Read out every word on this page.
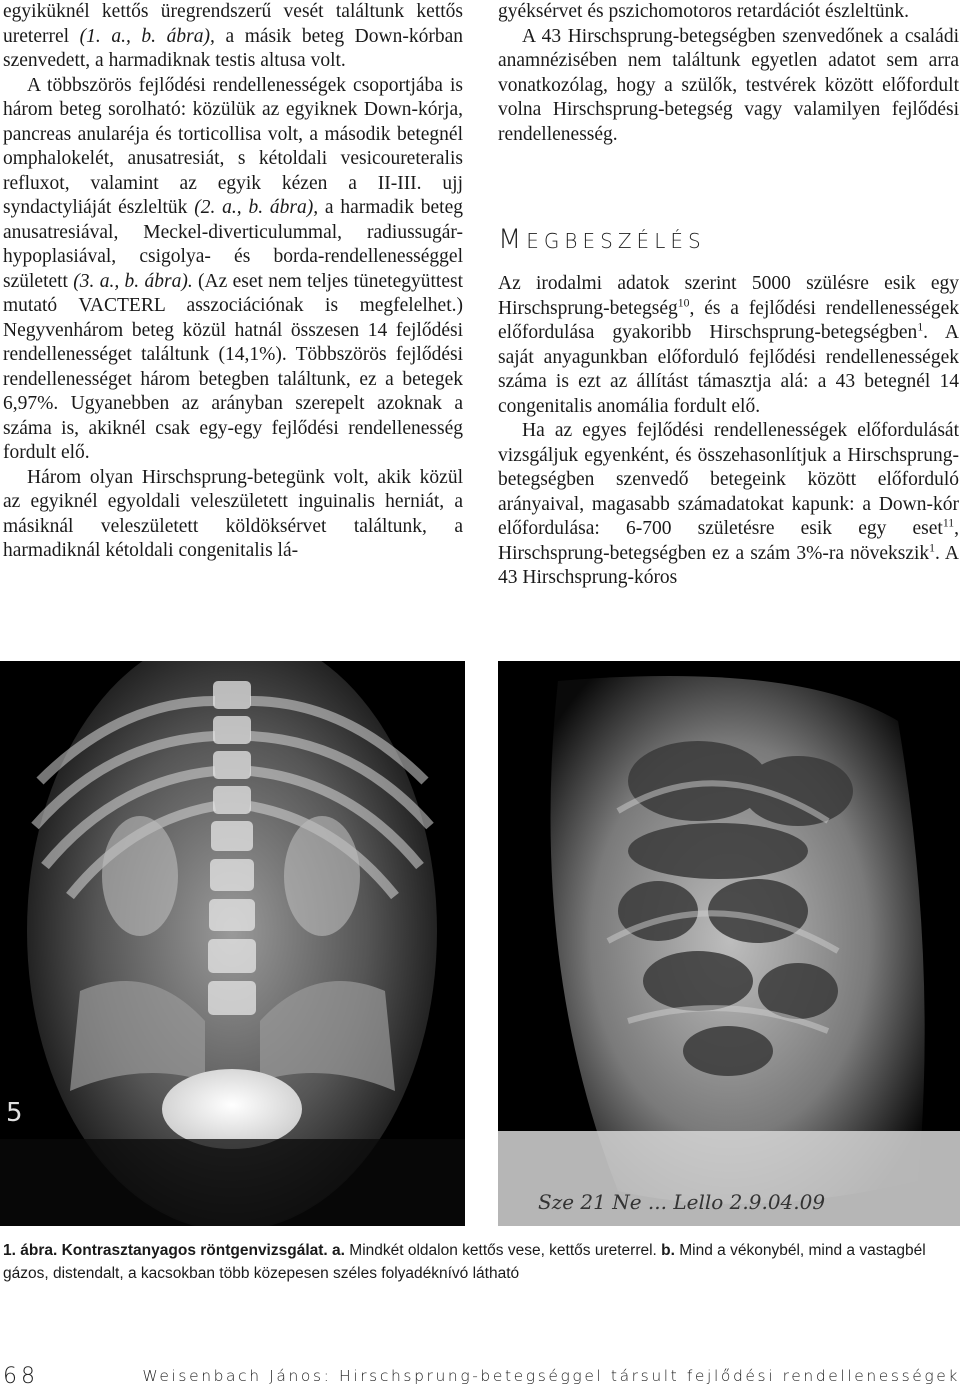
egyiküknél kettős üregrendszerű vesét találtunk kettős ureterrel (1. a., b. ábra), a másik beteg Down-kórban szenvedett, a harmadiknak testis altusa volt.

A többszörös fejlődési rendellenességek csoportjába is három beteg sorolható: közülük az egyiknek Down-kórja, pancreas anularéja és torticollisa volt, a második betegnél omphalokelét, anusatresiát, s kétoldali vesicoureteralis refluxot, valamint az egyik kézen a II-III. ujj syndactyliáját észleltük (2. a., b. ábra), a harmadik beteg anusatresiával, Meckel-diverticulummal, radiussugár-hypoplasiával, csigolya- és borda-rendellenességgel született (3. a., b. ábra). (Az eset nem teljes tünetegyüttest mutató VACTERL asszociációnak is megfelelhet.) Negyvenhárom beteg közül hatnál összesen 14 fejlődési rendellenességet találtunk (14,1%). Többszörös fejlődési rendellenességet három betegben találtunk, ez a betegek 6,97%. Ugyanebben az arányban szerepelt azoknak a száma is, akiknél csak egy-egy fejlődési rendellenesség fordult elő.

Három olyan Hirschsprung-betegünk volt, akik közül az egyiknél egyoldali veleszületett inguinalis herniát, a másiknál veleszületett köldöksérvet találtunk, a harmadiknál kétoldali congenitalis lá-

gyéksérvet és pszichomotoros retardációt észleltünk.

A 43 Hirschsprung-betegségben szenvedőnek a családi anamnézisében nem találtunk egyetlen adatot sem arra vonatkozólag, hogy a szülők, testvérek között előfordult volna Hirschsprung-betegség vagy valamilyen fejlődési rendellenesség.

Az irodalmi adatok szerint 5000 szülésre esik egy Hirschsprung-betegség$^{10}$, és a fejlődési rendellenességek előfordulása gyakoribb Hirschsprung-betegségben$^1$. A saját anyagunkban előforduló fejlődési rendellenességek száma is ezt az állítást támasztja alá: a 43 betegnél 14 congenitalis anomália fordult elő.

Ha az egyes fejlődési rendellenességek előfordulását vizsgáljuk egyenként, és összehasonlítjuk a Hirschsprung-betegségben szenvedő betegeink között előforduló arányaival, magasabb számadatokat kapunk: a Down-kór előfordulása: 6-700 születésre esik egy eset$^{11}$, Hirschsprung-betegségben ez a szám 3%-ra növekszik$^1$. A 43 Hirschsprung-kóros

MEGBESZÉLÉS
5
Sze 21 Ne ... Lello 2.9.04.09
1. ábra. Kontrasztanyagos röntgenvizsgálat. a. Mindkét oldalon kettős vese, kettős ureterrel. b. Mind a vékonybél, mind a vastagbél gázos, distendalt, a kacsokban több közepesen széles folyadéknívó látható
68	Weisenbach János: Hirschsprung-betegséggel társult fejlődési rendellenességek
